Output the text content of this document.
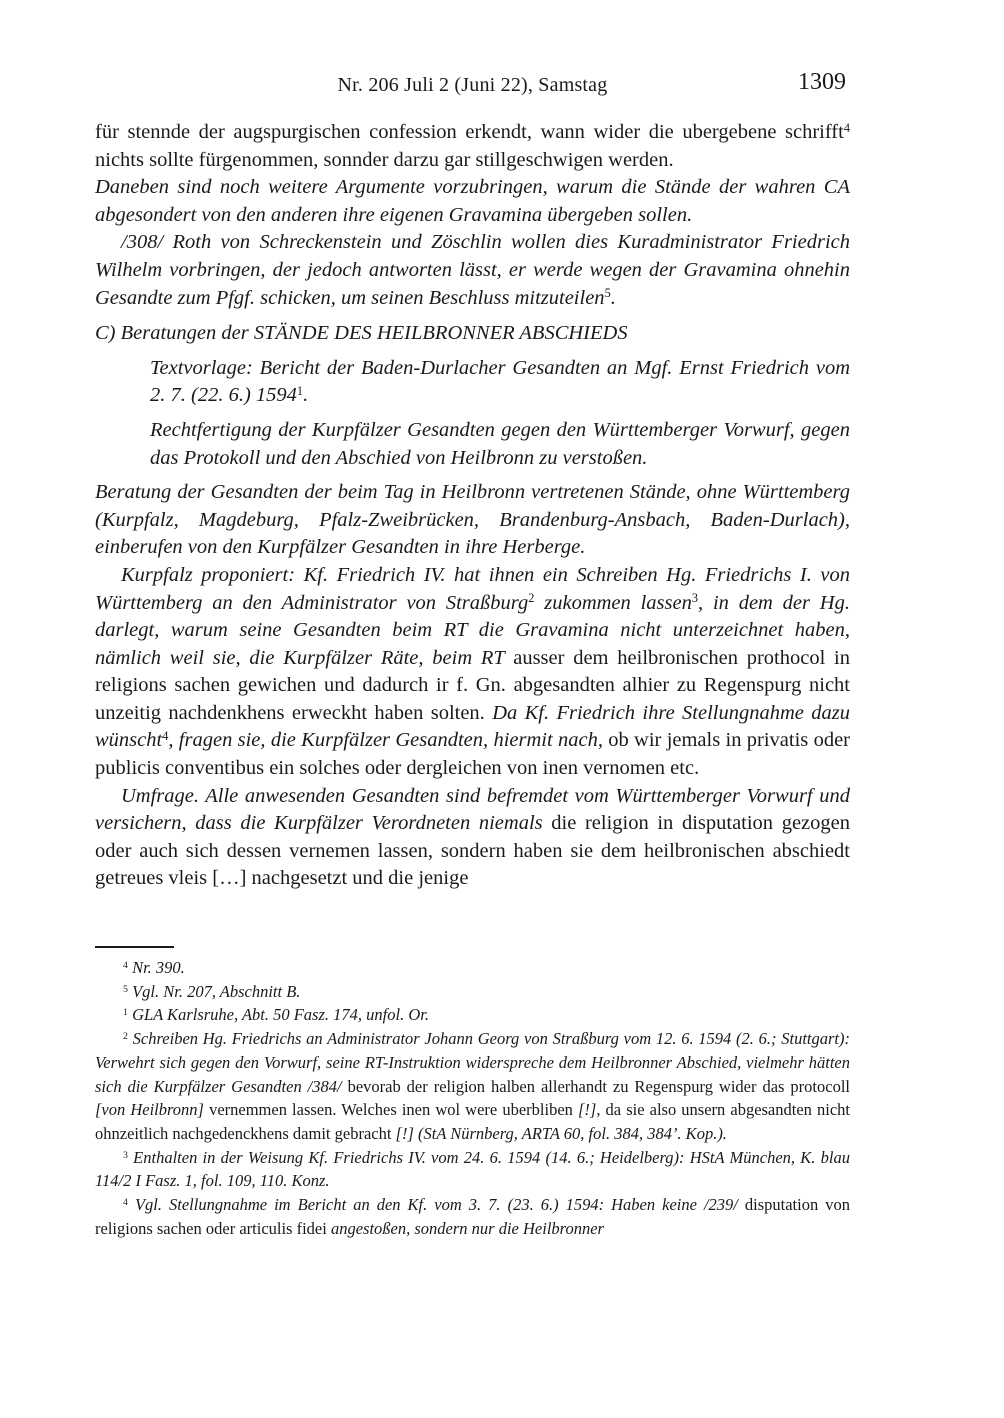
Nr. 206 Juli 2 (Juni 22), Samstag	1309

für stennde der augspurgischen confession erkendt, wann wider die ubergebene schrifft$^4$ nichts sollte fürgenommen, sonnder darzu gar stillgeschwigen werden.

Daneben sind noch weitere Argumente vorzubringen, warum die Stände der wahren CA abgesondert von den anderen ihre eigenen Gravamina übergeben sollen.

/308/ Roth von Schreckenstein und Zöschlin wollen dies Kuradministrator Friedrich Wilhelm vorbringen, der jedoch antworten lässt, er werde wegen der Gravamina ohnehin Gesandte zum Pfgf. schicken, um seinen Beschluss mitzuteilen$^5$.

C) Beratungen der STÄNDE DES HEILBRONNER ABSCHIEDS

Textvorlage: Bericht der Baden-Durlacher Gesandten an Mgf. Ernst Friedrich vom 2. 7. (22. 6.) 1594$^1$.

Rechtfertigung der Kurpfälzer Gesandten gegen den Württemberger Vorwurf, gegen das Protokoll und den Abschied von Heilbronn zu verstoßen.

Beratung der Gesandten der beim Tag in Heilbronn vertretenen Stände, ohne Württemberg (Kurpfalz, Magdeburg, Pfalz-Zweibrücken, Brandenburg-Ansbach, Baden-Durlach), einberufen von den Kurpfälzer Gesandten in ihre Herberge.

Kurpfalz proponiert: Kf. Friedrich IV. hat ihnen ein Schreiben Hg. Friedrichs I. von Württemberg an den Administrator von Straßburg$^2$ zukommen lassen$^3$, in dem der Hg. darlegt, warum seine Gesandten beim RT die Gravamina nicht unterzeichnet haben, nämlich weil sie, die Kurpfälzer Räte, beim RT ausser dem heilbronischen prothocol in religions sachen gewichen und dadurch ir f. Gn. abgesandten alhier zu Regenspurg nicht unzeitig nachdenkhens erweckht haben solten. Da Kf. Friedrich ihre Stellungnahme dazu wünscht$^4$, fragen sie, die Kurpfälzer Gesandten, hiermit nach, ob wir jemals in privatis oder publicis conventibus ein solches oder dergleichen von inen vernomen etc.

Umfrage. Alle anwesenden Gesandten sind befremdet vom Württemberger Vorwurf und versichern, dass die Kurpfälzer Verordneten niemals die religion in disputation gezogen oder auch sich dessen vernemen lassen, sondern haben sie dem heilbronischen abschiedt getreues vleis […] nachgesetzt und die jenige

$^4$ Nr. 390.

$^5$ Vgl. Nr. 207, Abschnitt B.

$^1$ GLA Karlsruhe, Abt. 50 Fasz. 174, unfol. Or.

$^2$ Schreiben Hg. Friedrichs an Administrator Johann Georg von Straßburg vom 12. 6. 1594 (2. 6.; Stuttgart): Verwehrt sich gegen den Vorwurf, seine RT-Instruktion widerspreche dem Heilbronner Abschied, vielmehr hätten sich die Kurpfälzer Gesandten /384/ bevorab der religion halben allerhandt zu Regenspurg wider das protocoll [von Heilbronn] vernemmen lassen. Welches inen wol were uberbliben [!], da sie also unsern abgesandten nicht ohnzeitlich nachgedenckhens damit gebracht [!] (StA Nürnberg, ARTA 60, fol. 384, 384’. Kop.).

$^3$ Enthalten in der Weisung Kf. Friedrichs IV. vom 24. 6. 1594 (14. 6.; Heidelberg): HStA München, K. blau 114/2 I Fasz. 1, fol. 109, 110. Konz.

$^4$ Vgl. Stellungnahme im Bericht an den Kf. vom 3. 7. (23. 6.) 1594: Haben keine /239/ disputation von religions sachen oder articulis fidei angestoßen, sondern nur die Heilbronner
